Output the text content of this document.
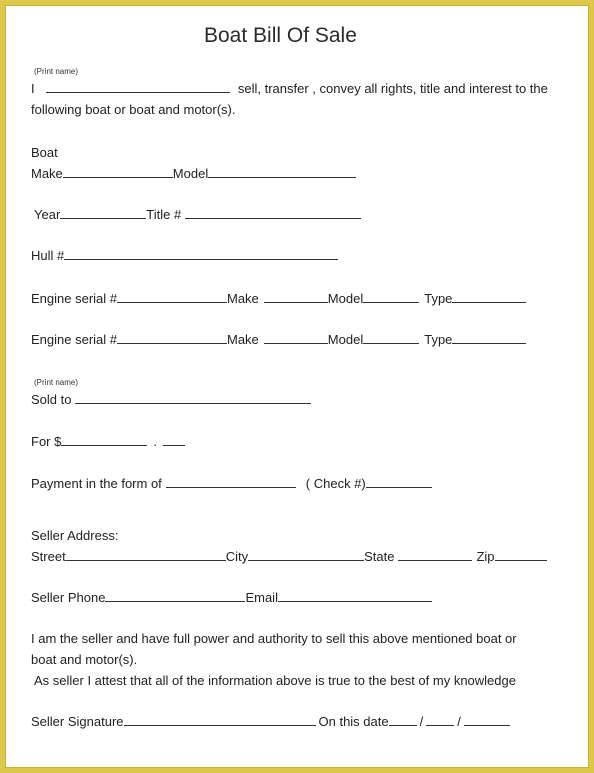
Boat Bill Of Sale
(Print name)
I	sell, transfer , convey all rights, title and interest to the
following boat or boat and motor(s).
Boat
Make	Model
Year	Title #
Hull #
Engine serial #	Make	Model	Type
Engine serial #	Make	Model	Type
(Print name)
Sold to
For $	.
Payment in the form of	( Check #)
Seller Address:
Street	City	State	Zip
Seller Phone	Email
I am the seller and have full power and authority to sell this above mentioned boat or
boat and motor(s).
As seller I attest that all of the information above is true to the best of my knowledge
Seller Signature	On this date /	/
